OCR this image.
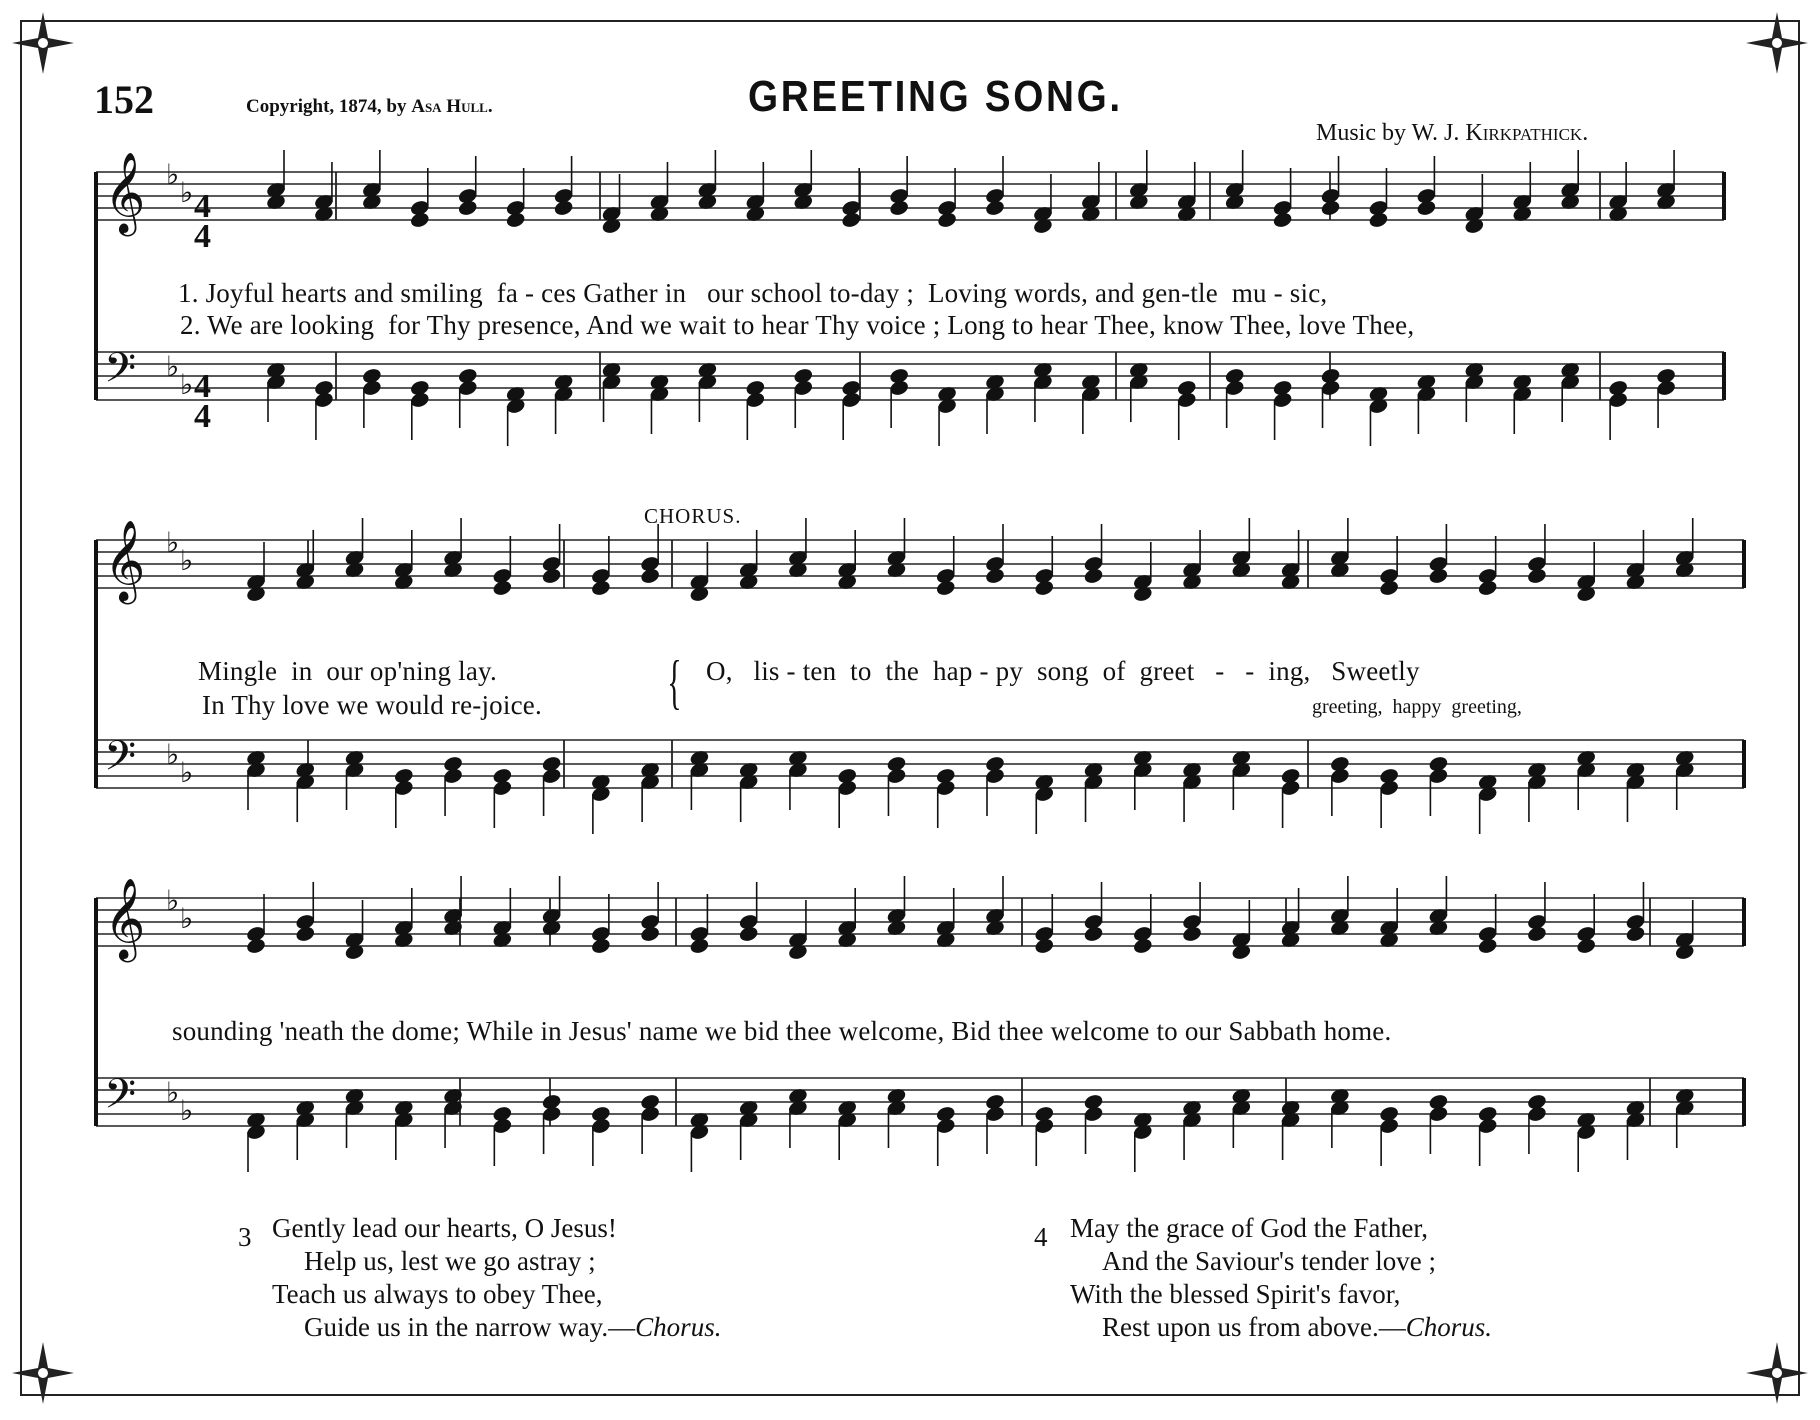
152	Copyright, 1874, by Asa Hull.	GREETING SONG.
Music by W. J. Kirkpathick.
𝄞 ♭
♭
𝄢 ♭
♭
𝄞 ♭
♭
𝄢 ♭
♭
𝄞 ♭
♭
𝄢 ♭
♭
4
4
4
4
1. Joyful hearts and smiling  fa - ces Gather in   our school to-day ;  Loving words, and gen-tle  mu - sic,
2. We are looking  for Thy presence, And we wait to hear Thy voice ; Long to hear Thee, know Thee, love Thee,
CHORUS.
Mingle  in  our op'ning lay.
In Thy love we would re-joice. { O,   lis - ten  to  the  hap - py  song  of  greet   -   -  ing,   Sweetly
greeting,  happy  greeting,
sounding 'neath the dome; While in Jesus' name we bid thee welcome, Bid thee welcome to our Sabbath home.
3 Gently lead our hearts, O Jesus!
Help us, lest we go astray ;
Teach us always to obey Thee,
Guide us in the narrow way.—Chorus.
4 May the grace of God the Father,
And the Saviour's tender love ;
With the blessed Spirit's favor,
Rest upon us from above.—Chorus.
